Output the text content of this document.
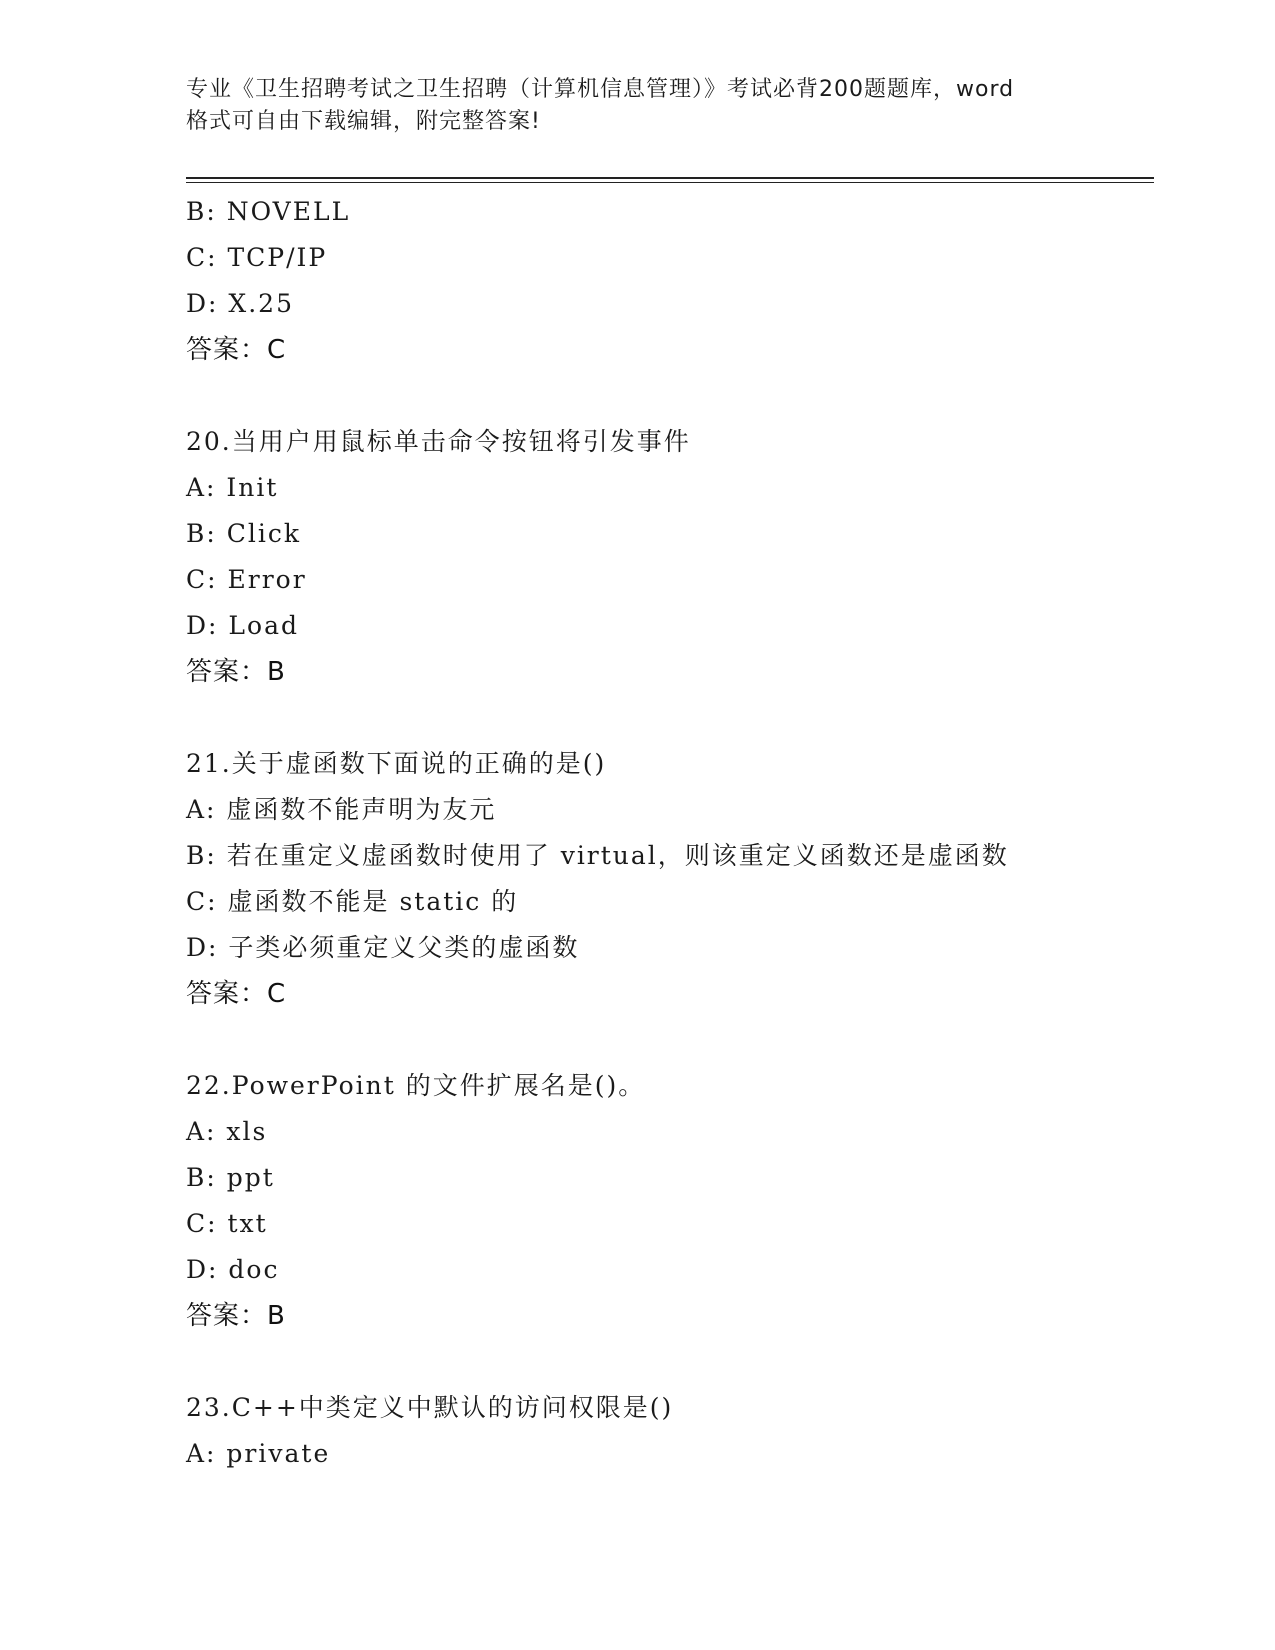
专业《卫生招聘考试之卫生招聘（计算机信息管理）》考试必背200题题库，word
格式可自由下载编辑，附完整答案!
B: NOVELL
C: TCP/IP
D: X.25
答案：C
20.当用户用鼠标单击命令按钮将引发事件
A: Init
B: Click
C: Error
D: Load
答案：B
21.关于虚函数下面说的正确的是()
A: 虚函数不能声明为友元
B: 若在重定义虚函数时使用了 virtual，则该重定义函数还是虚函数
C: 虚函数不能是 static 的
D: 子类必须重定义父类的虚函数
答案：C
22.PowerPoint 的文件扩展名是()。
A: xls
B: ppt
C: txt
D: doc
答案：B
23.C++中类定义中默认的访问权限是()
A: private
